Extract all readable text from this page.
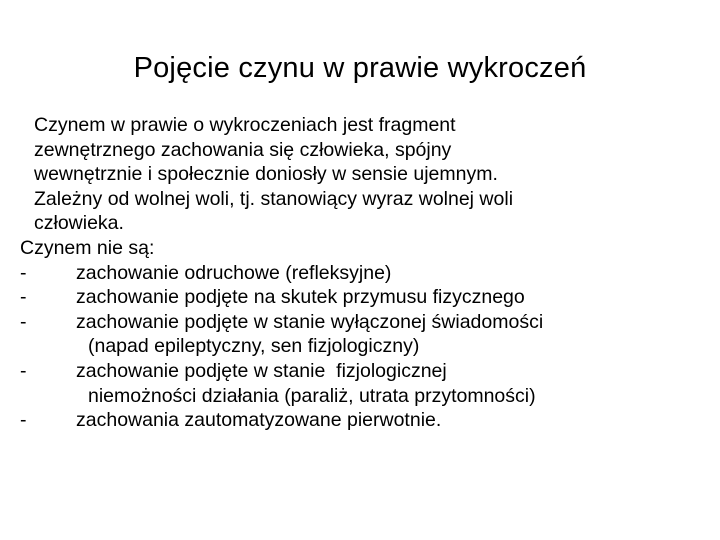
Pojęcie czynu w prawie wykroczeń
Czynem w prawie o wykroczeniach jest fragment
zewnętrznego zachowania się człowieka, spójny
wewnętrznie i społecznie doniosły w sensie ujemnym.
Zależny od wolnej woli, tj. stanowiący wyraz wolnej woli
człowieka.
Czynem nie są:
-	zachowanie odruchowe (refleksyjne)
-	zachowanie podjęte na skutek przymusu fizycznego
-	zachowanie podjęte w stanie wyłączonej świadomości
(napad epileptyczny, sen fizjologiczny)
-	zachowanie podjęte w stanie  fizjologicznej
niemożności działania (paraliż, utrata przytomności)
-	zachowania zautomatyzowane pierwotnie.
